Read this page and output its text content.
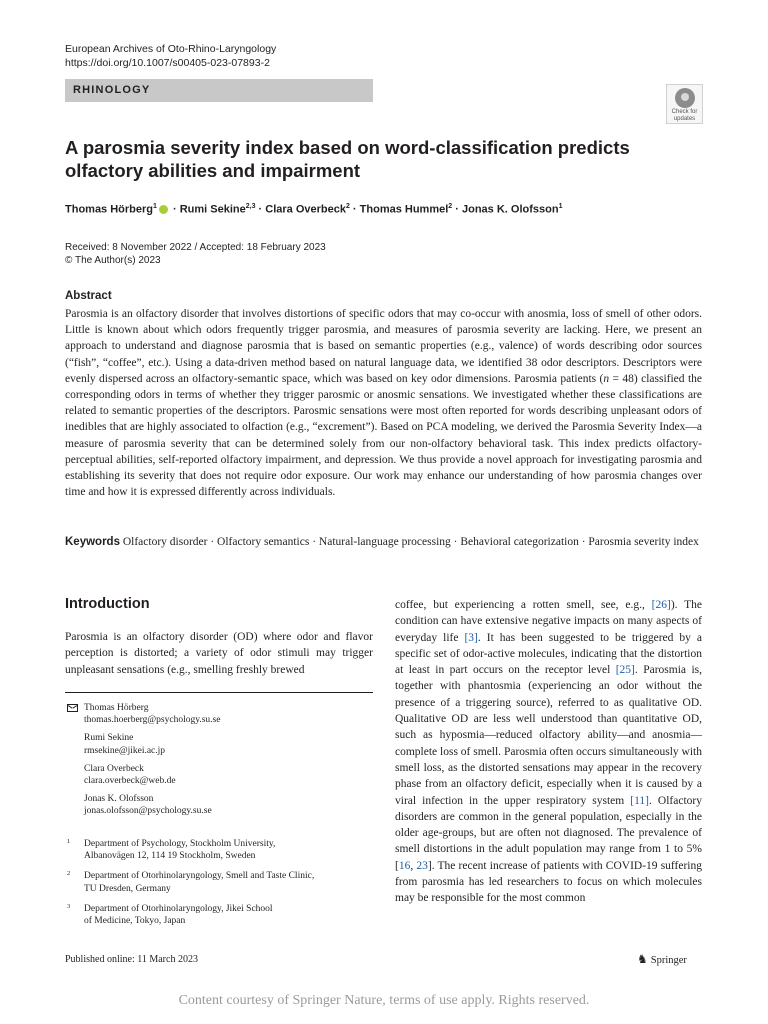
European Archives of Oto-Rhino-Laryngology
https://doi.org/10.1007/s00405-023-07893-2
RHINOLOGY
Check for
updates
A parosmia severity index based on word-classification predicts olfactory abilities and impairment
Thomas Hörberg$^1$ · Rumi Sekine$^{2,3}$ · Clara Overbeck$^2$ · Thomas Hummel$^2$ · Jonas K. Olofsson$^1$
Received: 8 November 2022 / Accepted: 18 February 2023
© The Author(s) 2023
Abstract
Parosmia is an olfactory disorder that involves distortions of specific odors that may co-occur with anosmia, loss of smell of other odors. Little is known about which odors frequently trigger parosmia, and measures of parosmia severity are lacking. Here, we present an approach to understand and diagnose parosmia that is based on semantic properties (e.g., valence) of words describing odor sources (“fish”, “coffee”, etc.). Using a data-driven method based on natural language data, we identified 38 odor descriptors. Descriptors were evenly dispersed across an olfactory-semantic space, which was based on key odor dimensions. Parosmia patients (n = 48) classified the corresponding odors in terms of whether they trigger parosmic or anosmic sensations. We investigated whether these classifications are related to semantic properties of the descriptors. Parosmic sensations were most often reported for words describing unpleasant odors of inedibles that are highly associated to olfaction (e.g., “excrement”). Based on PCA modeling, we derived the Parosmia Severity Index—a measure of parosmia severity that can be determined solely from our non-olfactory behavioral task. This index predicts olfactory-perceptual abilities, self-reported olfactory impairment, and depression. We thus provide a novel approach for investigating parosmia and establishing its severity that does not require odor exposure. Our work may enhance our understanding of how parosmia changes over time and how it is expressed differently across individuals.
Keywords Olfactory disorder · Olfactory semantics · Natural-language processing · Behavioral categorization · Parosmia severity index
Introduction
Parosmia is an olfactory disorder (OD) where odor and flavor perception is distorted; a variety of odor stimuli may trigger unpleasant sensations (e.g., smelling freshly brewed
Thomas Hörberg
thomas.hoerberg@psychology.su.se
Rumi Sekine
rmsekine@jikei.ac.jp
Clara Overbeck
clara.overbeck@web.de
Jonas K. Olofsson
jonas.olofsson@psychology.su.se
1 Department of Psychology, Stockholm University,
Albanovägen 12, 114 19 Stockholm, Sweden
2 Department of Otorhinolaryngology, Smell and Taste Clinic,
TU Dresden, Germany
3 Department of Otorhinolaryngology, Jikei School
of Medicine, Tokyo, Japan
coffee, but experiencing a rotten smell, see, e.g., [26]). The condition can have extensive negative impacts on many aspects of everyday life [3]. It has been suggested to be triggered by a specific set of odor-active molecules, indicating that the distortion at least in part occurs on the receptor level [25]. Parosmia is, together with phantosmia (experiencing an odor without the presence of a triggering source), referred to as qualitative OD. Qualitative OD are less well understood than quantitative OD, such as hyposmia—reduced olfactory ability—and anosmia—complete loss of smell. Parosmia often occurs simultaneously with smell loss, as the distorted sensations may appear in the recovery phase from an olfactory deficit, especially when it is caused by a viral infection in the upper respiratory system [11]. Olfactory disorders are common in the general population, especially in the older age-groups, but are often not diagnosed. The prevalence of smell distortions in the adult population may range from 1 to 5% [16, 23]. The recent increase of patients with COVID-19 suffering from parosmia has led researchers to focus on which molecules may be responsible for the most common
Published online: 11 March 2023	♞ Springer
Content courtesy of Springer Nature, terms of use apply. Rights reserved.
